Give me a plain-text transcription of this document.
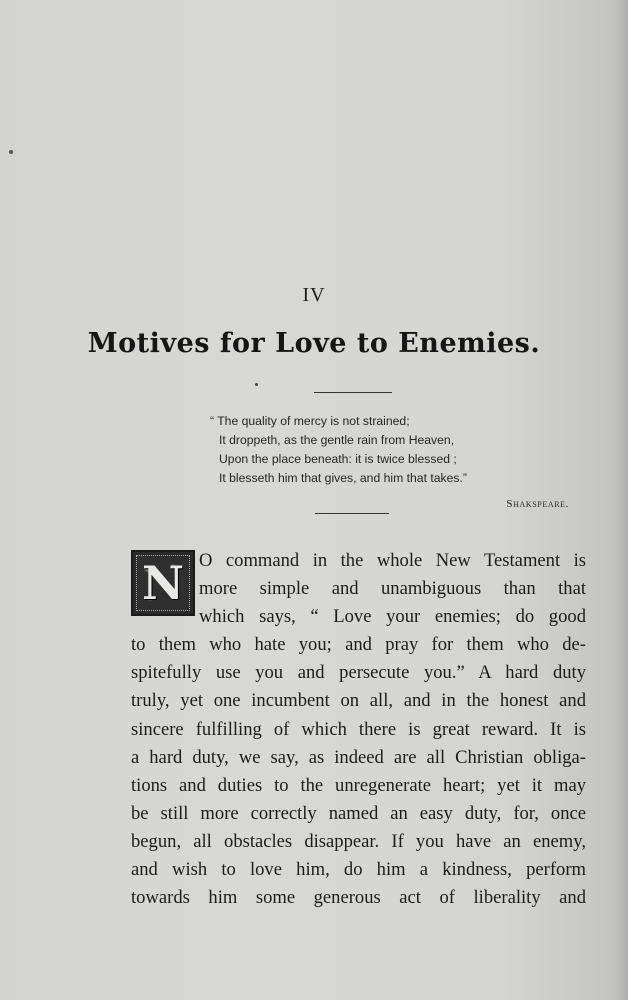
IV
Motives for Love to Enemies.
“ The quality of mercy is not strained;
It droppeth, as the gentle rain from Heaven,
Upon the place beneath: it is twice blessed ;
It blesseth him that gives, and him that takes.”
Shakspeare.
N O command in the whole New Testament is
more simple and unambiguous than that
which says, “ Love your enemies; do good
to them who hate you; and pray for them who de-
spitefully use you and persecute you.” A hard duty
truly, yet one incumbent on all, and in the honest and
sincere fulfilling of which there is great reward. It is
a hard duty, we say, as indeed are all Christian obliga-
tions and duties to the unregenerate heart; yet it may
be still more correctly named an easy duty, for, once
begun, all obstacles disappear. If you have an enemy,
and wish to love him, do him a kindness, perform
towards him some generous act of liberality and
